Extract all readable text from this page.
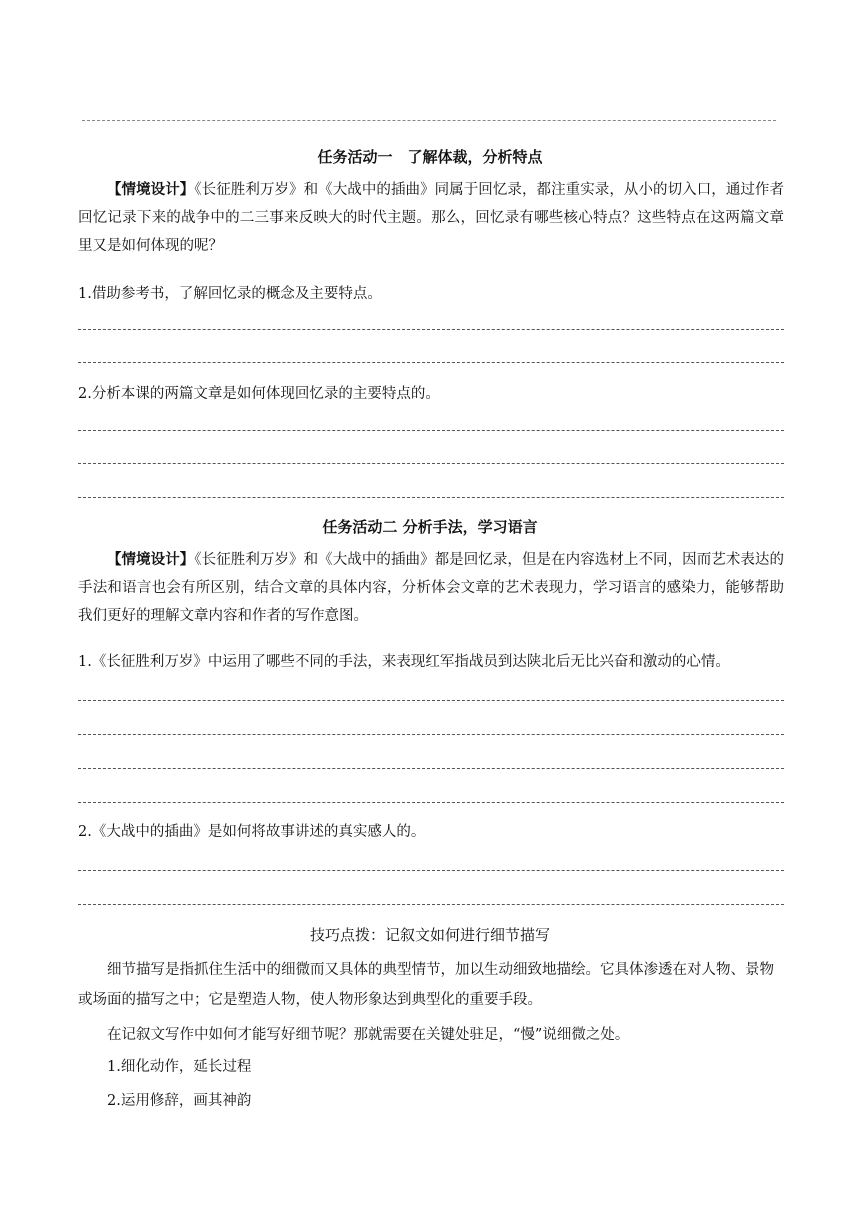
任务活动一　了解体裁，分析特点

【情境设计】《长征胜利万岁》和《大战中的插曲》同属于回忆录，都注重实录，从小的切入口，通过作者回忆记录下来的战争中的二三事来反映大的时代主题。那么，回忆录有哪些核心特点？这些特点在这两篇文章里又是如何体现的呢？

1.借助参考书，了解回忆录的概念及主要特点。

2.分析本课的两篇文章是如何体现回忆录的主要特点的。

任务活动二 分析手法，学习语言

【情境设计】《长征胜利万岁》和《大战中的插曲》都是回忆录，但是在内容选材上不同，因而艺术表达的手法和语言也会有所区别，结合文章的具体内容，分析体会文章的艺术表现力，学习语言的感染力，能够帮助我们更好的理解文章内容和作者的写作意图。

1.《长征胜利万岁》中运用了哪些不同的手法，来表现红军指战员到达陕北后无比兴奋和激动的心情。

2.《大战中的插曲》是如何将故事讲述的真实感人的。

技巧点拨：记叙文如何进行细节描写

细节描写是指抓住生活中的细微而又具体的典型情节，加以生动细致地描绘。它具体渗透在对人物、景物或场面的描写之中；它是塑造人物，使人物形象达到典型化的重要手段。

在记叙文写作中如何才能写好细节呢？那就需要在关键处驻足，“慢”说细微之处。

1.细化动作，延长过程

2.运用修辞，画其神韵
